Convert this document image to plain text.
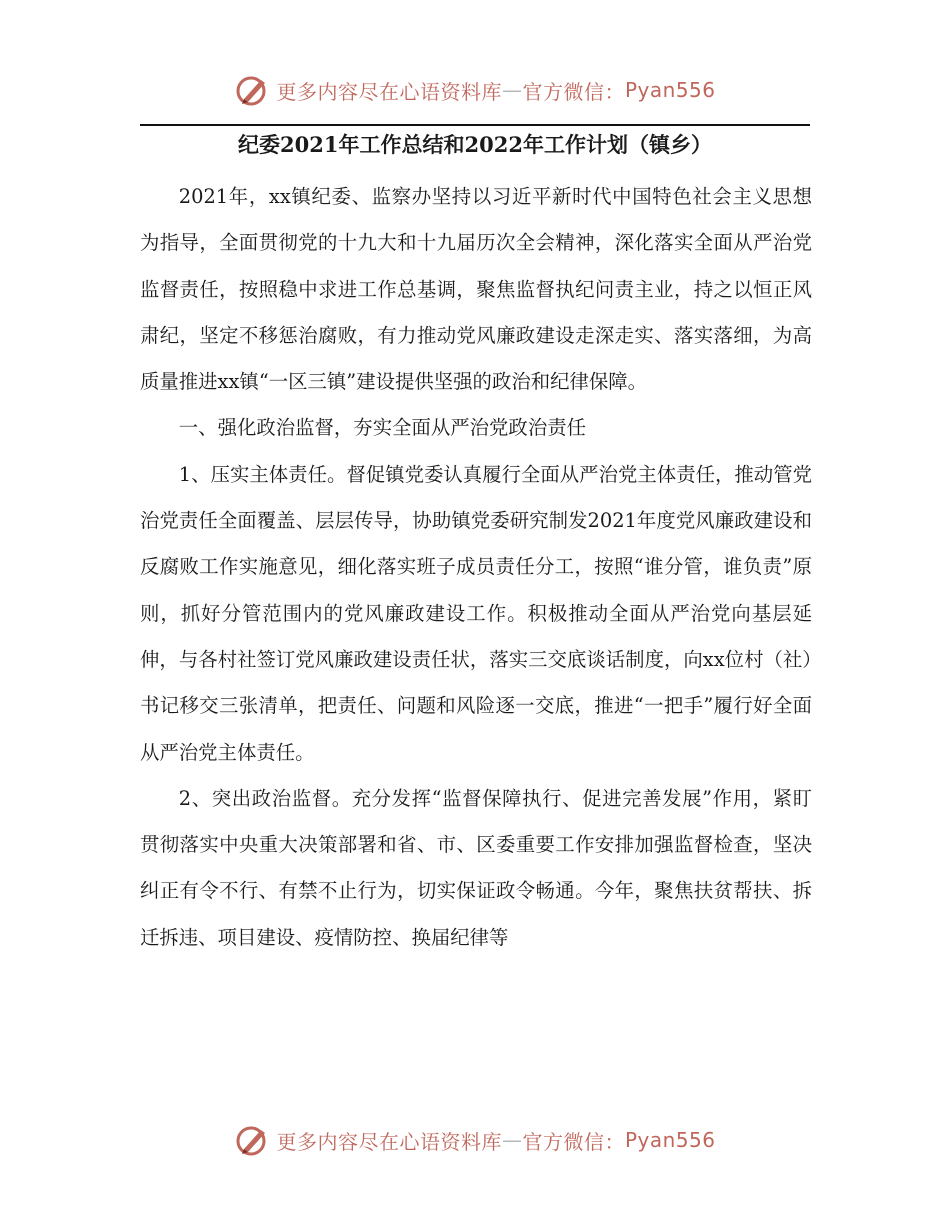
更多内容尽在心语资料库 — 官方微信： Pyan556
纪委2021年工作总结和2022年工作计划（镇乡）

2021年，xx镇纪委、监察办坚持以习近平新时代中国特色社会主义思想为指导，全面贯彻党的十九大和十九届历次全会精神，深化落实全面从严治党监督责任，按照稳中求进工作总基调，聚焦监督执纪问责主业，持之以恒正风肃纪，坚定不移惩治腐败，有力推动党风廉政建设走深走实、落实落细，为高质量推进xx镇“一区三镇”建设提供坚强的政治和纪律保障。

一、强化政治监督，夯实全面从严治党政治责任

1、压实主体责任。督促镇党委认真履行全面从严治党主体责任，推动管党治党责任全面覆盖、层层传导，协助镇党委研究制发2021年度党风廉政建设和反腐败工作实施意见，细化落实班子成员责任分工，按照“谁分管，谁负责”原则，抓好分管范围内的党风廉政建设工作。积极推动全面从严治党向基层延伸，与各村社签订党风廉政建设责任状，落实三交底谈话制度，向xx位村（社）书记移交三张清单，把责任、问题和风险逐一交底，推进“一把手”履行好全面从严治党主体责任。

2、突出政治监督。充分发挥“监督保障执行、促进完善发展”作用，紧盯贯彻落实中央重大决策部署和省、市、区委重要工作安排加强监督检查，坚决纠正有令不行、有禁不止行为，切实保证政令畅通。今年，聚焦扶贫帮扶、拆迁拆违、项目建设、疫情防控、换届纪律等

更多内容尽在心语资料库 — 官方微信： Pyan556
